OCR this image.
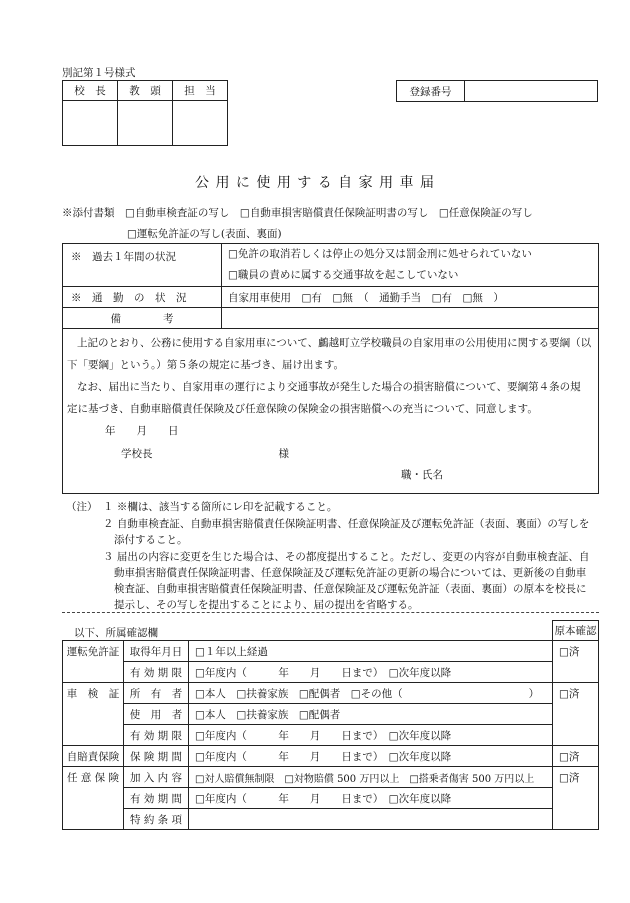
別記第１号様式
校　長	教　頭	担　当
			登録番号	
公 用 に 使 用 す る 自 家 用 車 届
※添付書類　□自動車検査証の写し　□自動車損害賠償責任保険証明書の写し　□任意保険証の写し
□運転免許証の写し(表面、裏面)
※　過去１年間の状況	□免許の取消若しくは停止の処分又は罰金刑に処せられていない
□職員の責めに属する交通事故を起こしていない

※　通　勤　の　状　況	自家用車使用　□有　□無　（　通勤手当　□有　□無　）
備　　　　考	
上記のとおり、公務に使用する自家用車について、鸕越町立学校職員の自家用車の公用使用に関する要綱（以
下「要綱」という。）第５条の規定に基づき、届け出ます。
なお、届出に当たり、自家用車の運行により交通事故が発生した場合の損害賠償について、要綱第４条の規
定に基づき、自動車賠償責任保険及び任意保険の保険金の損害賠償への充当について、同意します。
年　　月　　日
学校長　　　　　　　　　　　　様
職・氏名
（注） １ ※欄は、該当する箇所にレ印を記載すること。
２ 自動車検査証、自動車損害賠償責任保険証明書、任意保険証及び運転免許証（表面、裏面）の写しを
添付すること。
３ 届出の内容に変更を生じた場合は、その都度提出すること。ただし、変更の内容が自動車検査証、自
動車損害賠償責任保険証明書、任意保険証及び運転免許証の更新の場合については、更新後の自動車
検査証、自動車損害賠償責任保険証明書、任意保険証及び運転免許証（表面、裏面）の原本を校長に
提示し、その写しを提出することにより、届の提出を省略する。
以下、所属確認欄
			原本確認
運転免許証	取得年月日	□１年以上経過	□済
	有 効 期 限	□年度内（　　　年　　月　　日まで）　□次年度以降	
車　検　証	所　有　者	□本人　□扶養家族　□配偶者　□その他（　　　　　　　　　　　　）	□済
	使　用　者	□本人　□扶養家族　□配偶者	
	有 効 期 限	□年度内（　　　年　　月　　日まで）　□次年度以降	
自賠責保険	保 険 期 間	□年度内（　　　年　　月　　日まで）　□次年度以降	□済
任 意 保 険	加 入 内 容	□対人賠償無制限　□対物賠償 500 万円以上　□搭乗者傷害 500 万円以上	□済
	有 効 期 間	□年度内（　　　年　　月　　日まで）　□次年度以降	
	特 約 条 項		
